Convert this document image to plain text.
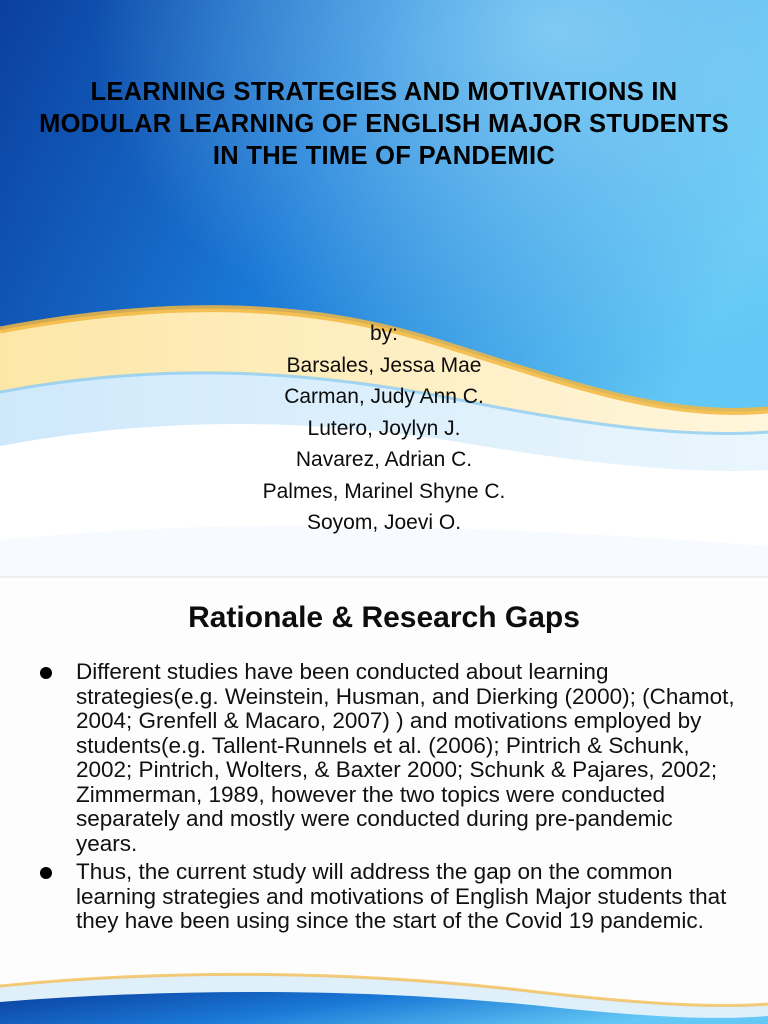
LEARNING STRATEGIES AND MOTIVATIONS IN MODULAR LEARNING OF ENGLISH MAJOR STUDENTS IN THE TIME OF PANDEMIC
by:
Barsales, Jessa Mae
Carman, Judy Ann C.
Lutero, Joylyn J.
Navarez, Adrian C.
Palmes, Marinel Shyne C.
Soyom, Joevi O.
Rationale & Research Gaps
Different studies have been conducted about learning strategies(e.g. Weinstein, Husman, and Dierking (2000); (Chamot, 2004; Grenfell & Macaro, 2007) ) and motivations employed by students(e.g. Tallent-Runnels et al. (2006); Pintrich & Schunk, 2002; Pintrich, Wolters, & Baxter 2000; Schunk & Pajares, 2002; Zimmerman, 1989, however the two topics were conducted separately and mostly were conducted during pre-pandemic years.
Thus, the current study will address the gap on the common learning strategies and motivations of English Major students that they have been using since the start of the Covid 19 pandemic.
